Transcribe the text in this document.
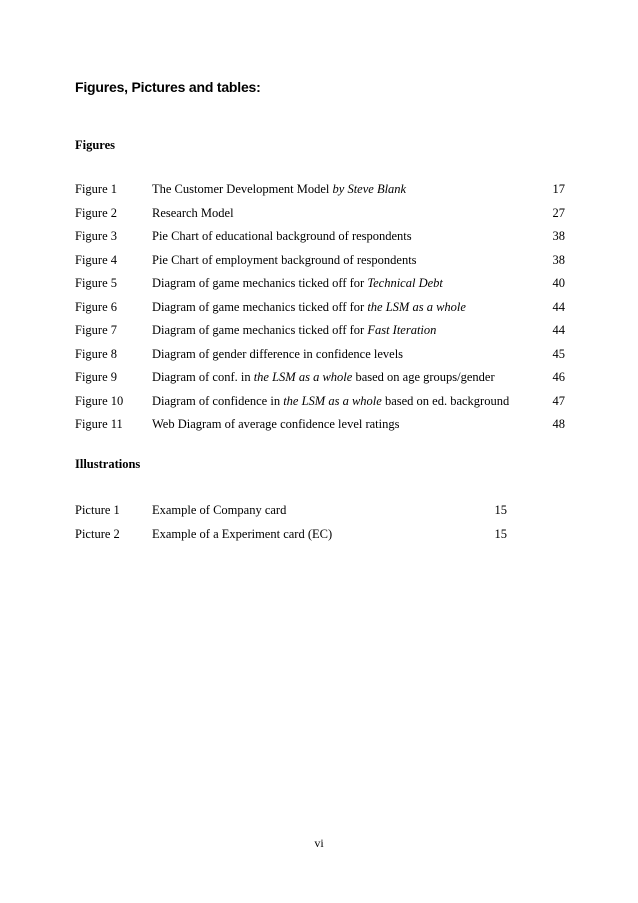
Figures, Pictures and tables:
Figures
Figure 1	The Customer Development Model by Steve Blank	17
Figure 2	Research Model	27
Figure 3	Pie Chart of educational background of respondents	38
Figure 4	Pie Chart of employment background of respondents	38
Figure 5	Diagram of game mechanics ticked off for Technical Debt	40
Figure 6	Diagram of game mechanics ticked off for the LSM as a whole	44
Figure 7	Diagram of game mechanics ticked off for Fast Iteration	44
Figure 8	Diagram of gender difference in confidence levels	45
Figure 9	Diagram of conf. in the LSM as a whole based on age groups/gender	46
Figure 10 Diagram of confidence in the LSM as a whole based on ed. background	47
Figure 11 Web Diagram of average confidence level ratings	48
Illustrations
Picture 1	Example of Company card	15
Picture 2	Example of a Experiment card (EC)	15
vi
